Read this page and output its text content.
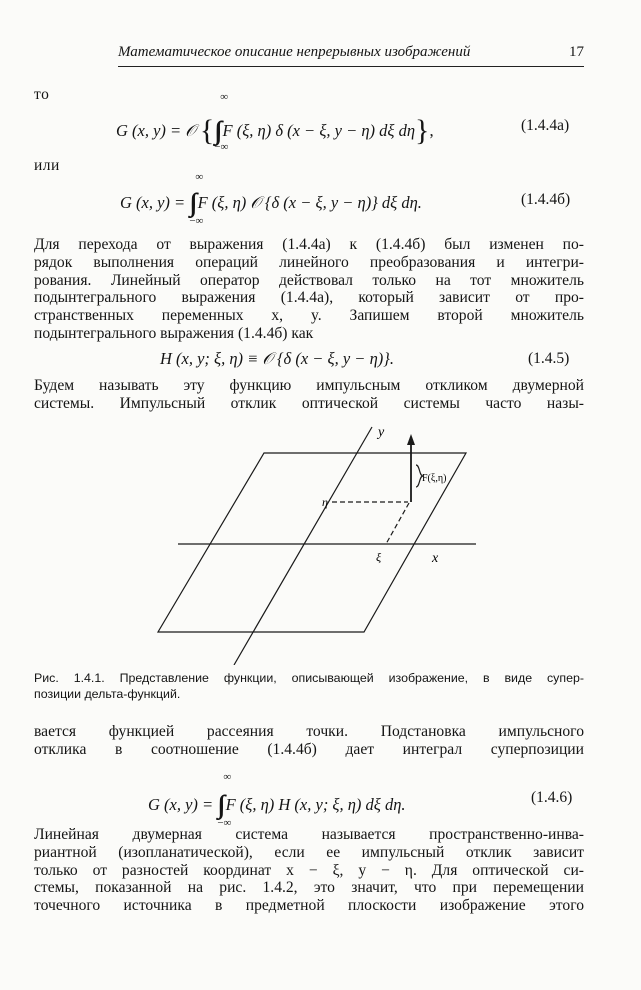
Математическое описание непрерывных изображений	17
то
G (x, y) = 𝒪 {
∞
∫∫
−∞
F (ξ, η) δ (x − ξ, y − η) dξ dη},	(1.4.4а)
или
G (x, y) =
∞
∫∫
−∞
F (ξ, η) 𝒪 {δ (x − ξ, y − η)} dξ dη.	(1.4.4б)
Для перехода от выражения (1.4.4а) к (1.4.4б) был изменен по-
рядок выполнения операций линейного преобразования и интегри-
рования. Линейный оператор действовал только на тот множитель
подынтегрального выражения (1.4.4а), который зависит от про-
странственных переменных x, y. Запишем второй множитель
подынтегрального выражения (1.4.4б) как
H (x, y; ξ, η) ≡ 𝒪 {δ (x − ξ, y − η)}.	(1.4.5)
Будем называть эту функцию импульсным откликом двумерной
системы. Импульсный отклик оптической системы часто назы-
y
x
η
ξ
F(ξ,η)
Рис. 1.4.1. Представление функции, описывающей изображение, в виде супер-
позиции дельта-функций.
вается функцией рассеяния точки. Подстановка импульсного
отклика в соотношение (1.4.4б) дает интеграл суперпозиции
G (x, y) =
∞
∫∫
−∞
F (ξ, η) H (x, y; ξ, η) dξ dη.	(1.4.6)
Линейная двумерная система называется пространственно-инва-
риантной (изопланатической), если ее импульсный отклик зависит
только от разностей координат x − ξ, y − η. Для оптической си-
стемы, показанной на рис. 1.4.2, это значит, что при перемещении
точечного источника в предметной плоскости изображение этого
